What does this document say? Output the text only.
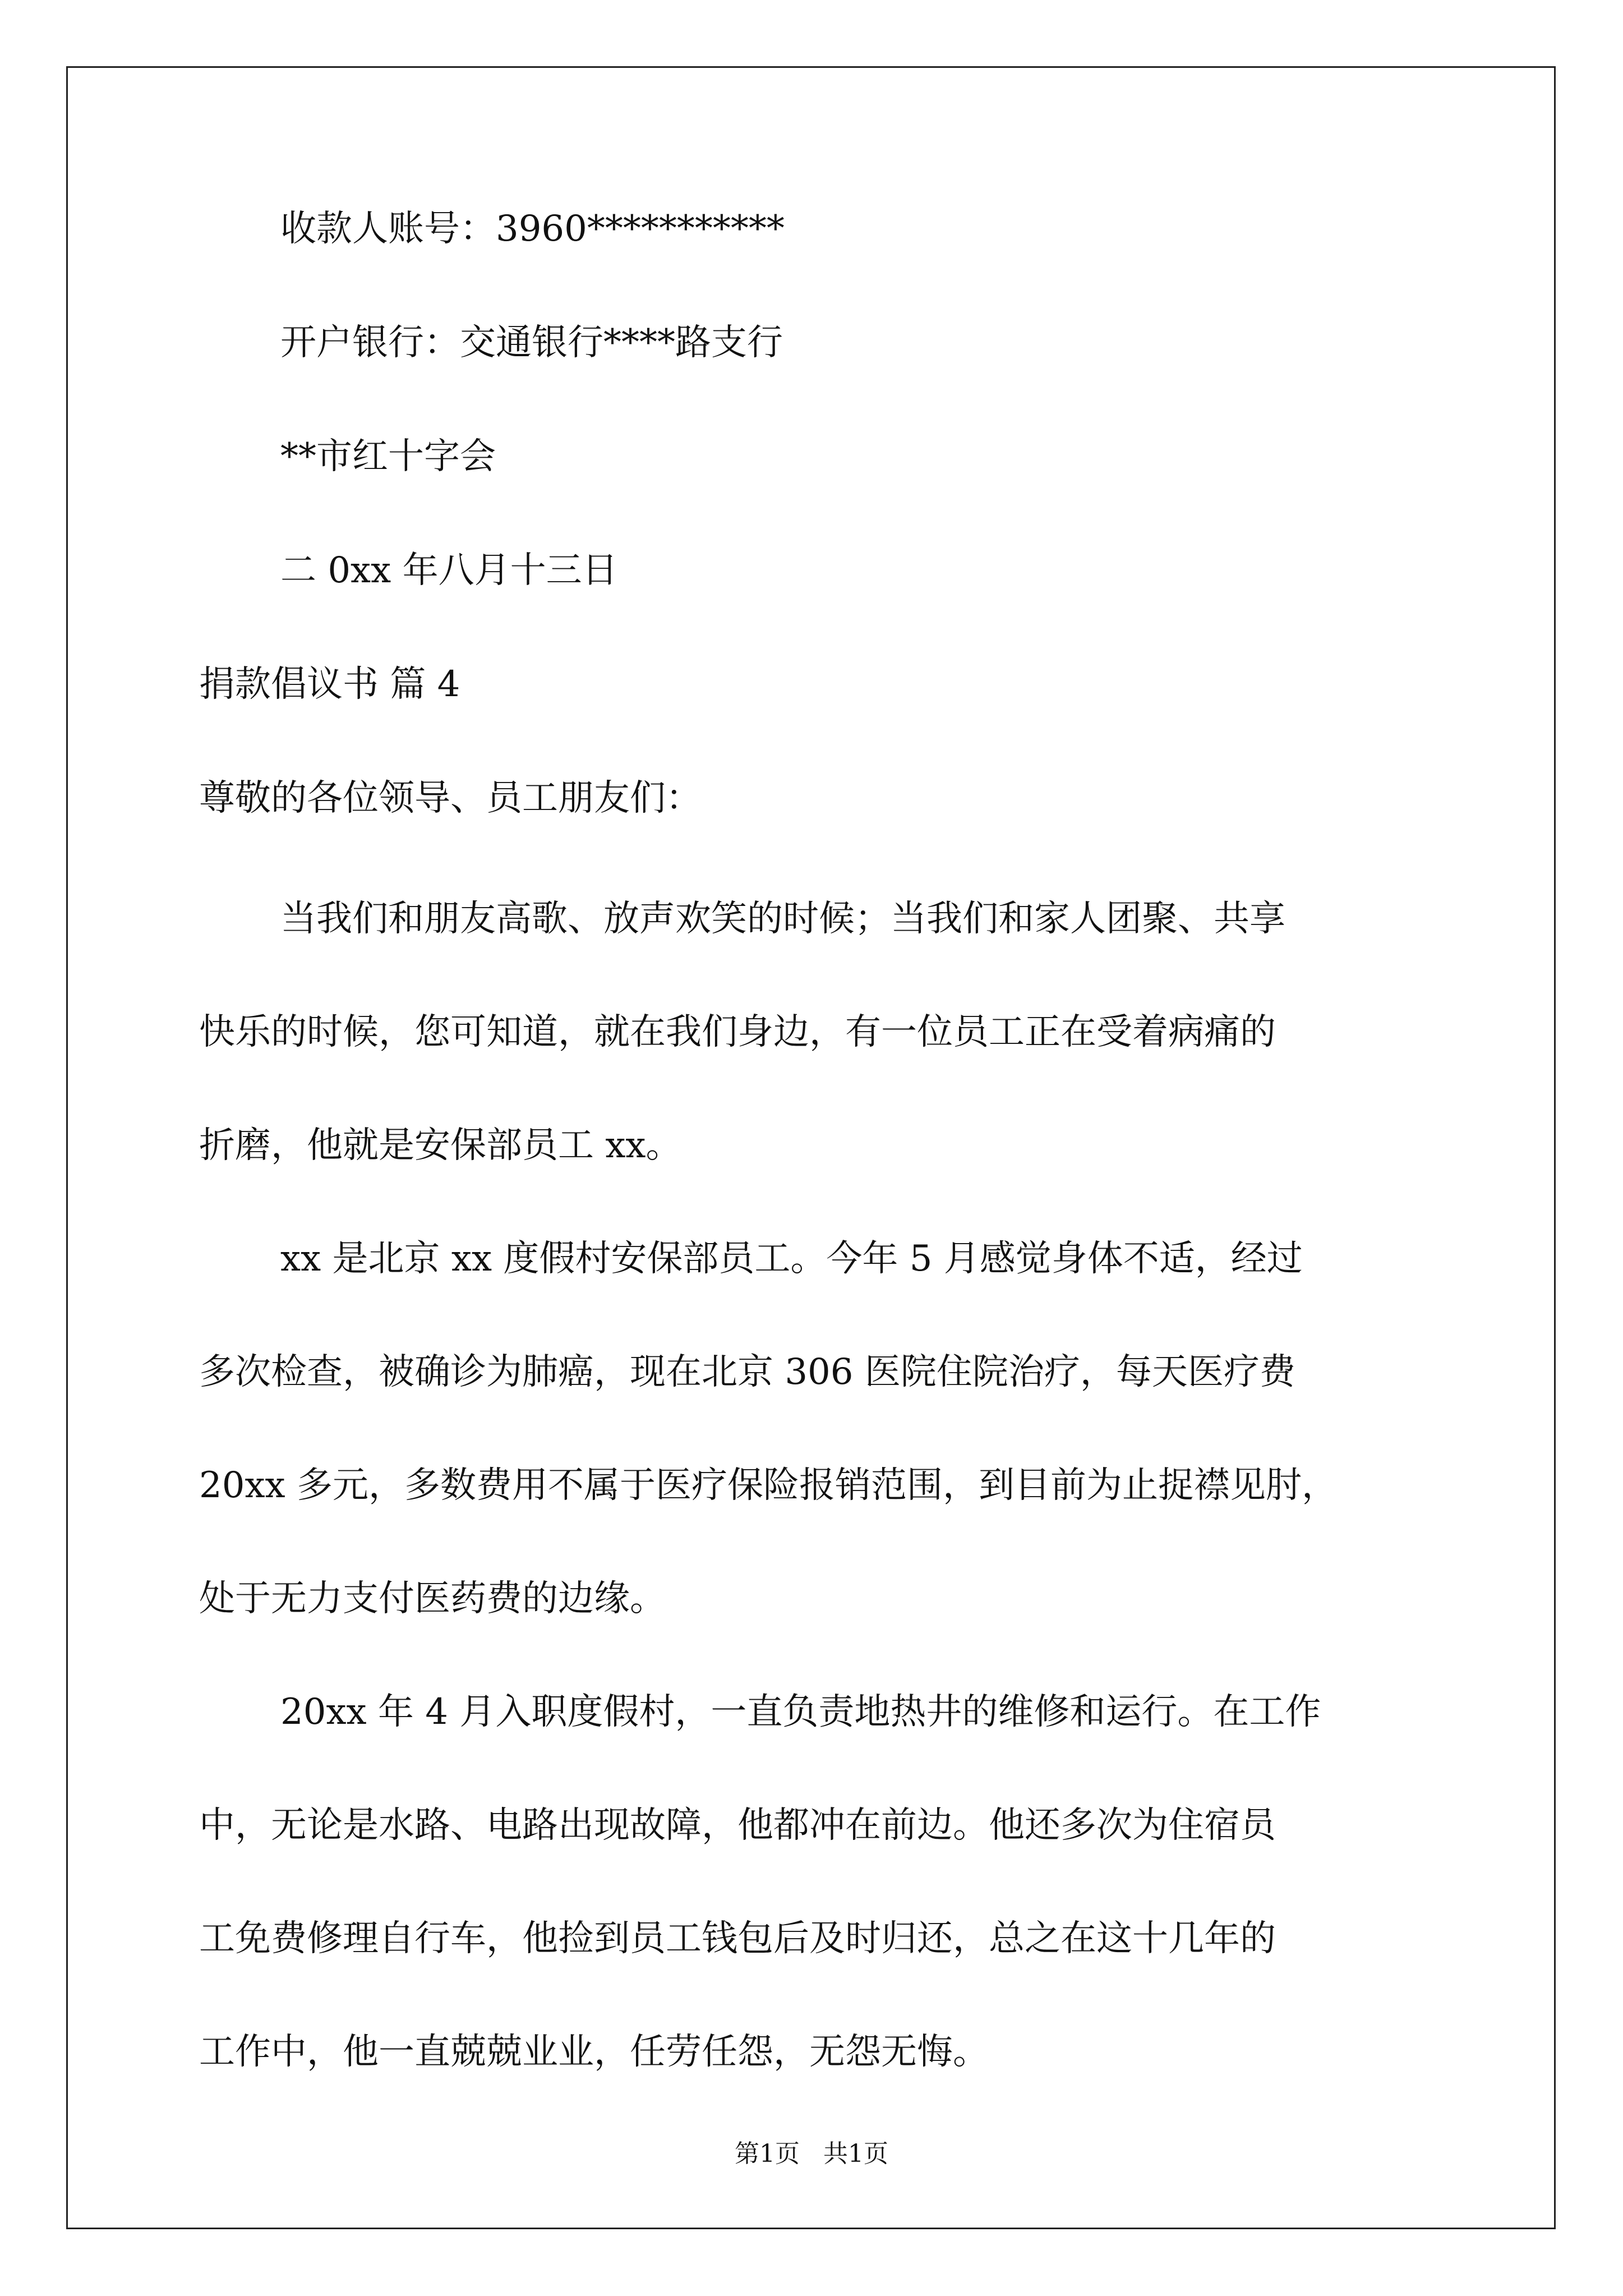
收款人账号：3960***********

开户银行：交通银行****路支行

**市红十字会

二 0xx 年八月十三日

捐款倡议书 篇 4

尊敬的各位领导、员工朋友们：

当我们和朋友高歌、放声欢笑的时候；当我们和家人团聚、共享

快乐的时候，您可知道，就在我们身边，有一位员工正在受着病痛的

折磨，他就是安保部员工 xx。

xx 是北京 xx 度假村安保部员工。今年 5 月感觉身体不适，经过

多次检查，被确诊为肺癌，现在北京 306 医院住院治疗，每天医疗费

20xx 多元，多数费用不属于医疗保险报销范围，到目前为止捉襟见肘，

处于无力支付医药费的边缘。

20xx 年 4 月入职度假村，一直负责地热井的维修和运行。在工作

中，无论是水路、电路出现故障，他都冲在前边。他还多次为住宿员

工免费修理自行车，他捡到员工钱包后及时归还，总之在这十几年的

工作中，他一直兢兢业业，任劳任怨，无怨无悔。

第1页   共1页
